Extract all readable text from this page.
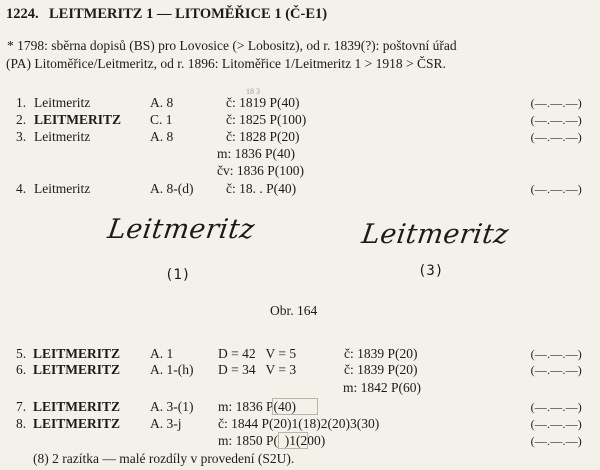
1224. LEITMERITZ 1 — LITOMĚŘICE 1 (Č-E1)
* 1798: sběrna dopisů (BS) pro Lovosice (> Lobositz), od r. 1839(?): poštovní úřad
(PA) Litoměřice/Leitmeritz, od r. 1896: Litoměřice 1/Leitmeritz 1 > 1918 > ČSR.
1. Leitmeritz	A. 8	č: 1819 P(40)	(—.—.—)
2. LEITMERITZ C. 1	č: 1825 P(100)	(—.—.—)
3. Leitmeritz	A. 8	č: 1828 P(20)	(—.—.—)
m: 1836 P(40)
čv: 1836 P(100)
4. Leitmeritz	A. 8-(d) č: 18. . P(40)	(—.—.—)
18 3
Leitmeritz
(1)
Leitmeritz
(3)
Obr. 164
5. LEITMERITZ A. 1	D = 42   V = 5	č: 1839 P(20)	(—.—.—)
6. LEITMERITZ A. 1-(h) D = 34   V = 3	č: 1839 P(20)	(—.—.—)
m: 1842 P(60)
7. LEITMERITZ A. 3-(1) m: 1836 P(40)	(—.—.—)
8. LEITMERITZ A. 3-j	č: 1844 P(20)1(18)2(20)3(30)	(—.—.—)
m: 1850 P(  )1(200)	(—.—.—)
(8) 2 razítka — malé rozdíly v provedení (S2U).
